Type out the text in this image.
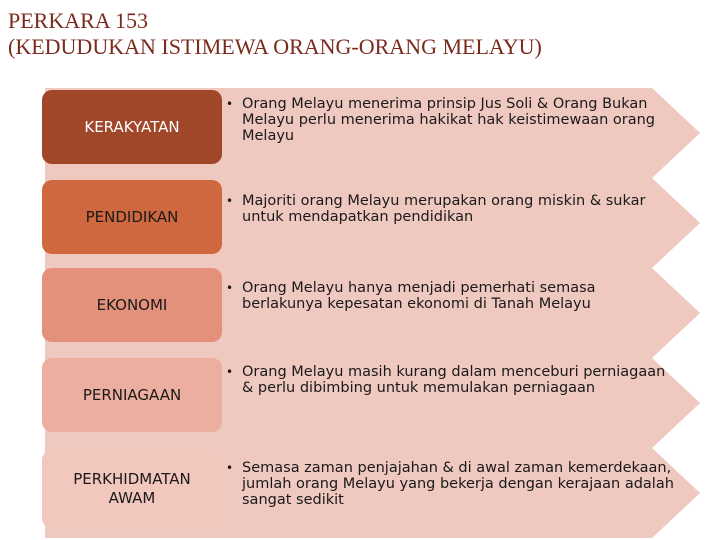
PERKARA 153
(KEDUDUKAN ISTIMEWA ORANG-ORANG MELAYU)
KERAKYATAN
• Orang Melayu menerima prinsip Jus Soli & Orang Bukan Melayu perlu menerima hakikat hak keistimewaan orang Melayu
PENDIDIKAN
• Majoriti orang Melayu merupakan orang miskin & sukar untuk mendapatkan pendidikan
EKONOMI
• Orang Melayu hanya menjadi pemerhati semasa berlakunya kepesatan ekonomi di Tanah Melayu
PERNIAGAAN
• Orang Melayu masih kurang dalam menceburi perniagaan & perlu dibimbing untuk memulakan perniagaan
PERKHIDMATAN AWAM
• Semasa zaman penjajahan & di awal zaman kemerdekaan, jumlah orang Melayu yang bekerja dengan kerajaan adalah sangat sedikit
